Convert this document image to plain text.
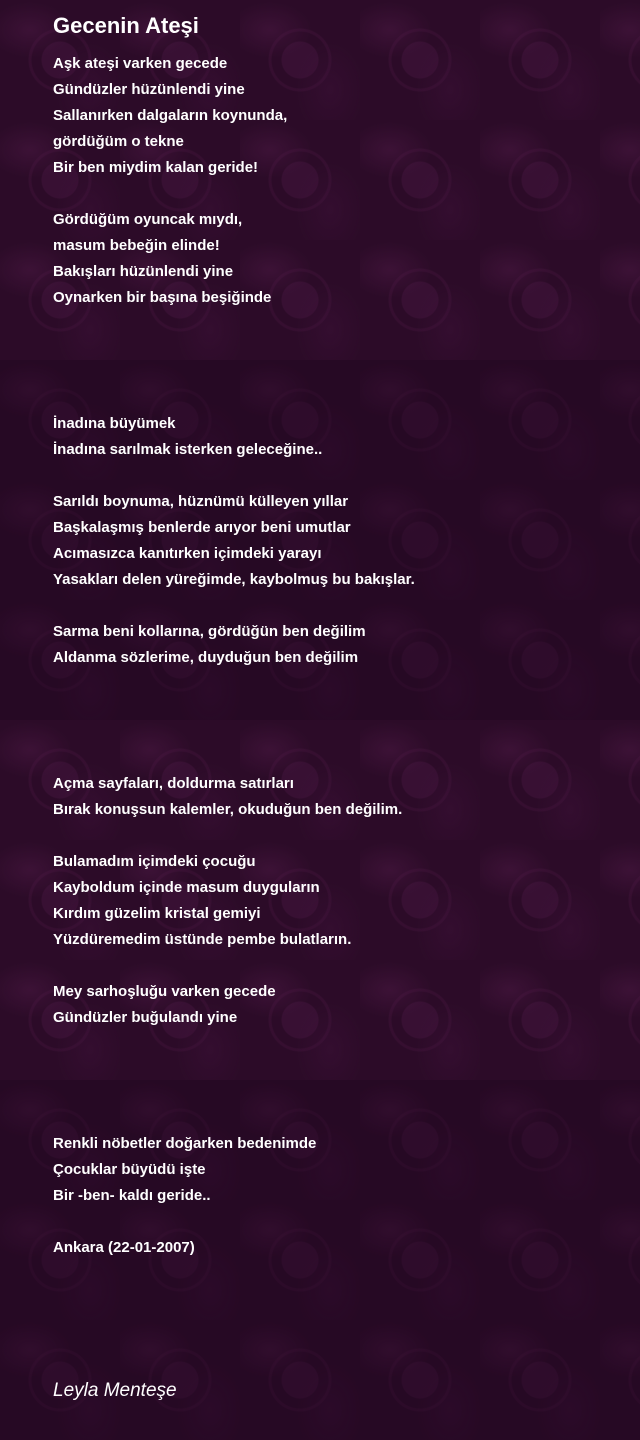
Gecenin Ateşi
Aşk ateşi varken gecede
Gündüzler hüzünlendi yine
Sallanırken dalgaların koynunda,
gördüğüm o tekne
Bir ben miydim kalan geride!
Gördüğüm oyuncak mıydı,
masum bebeğin elinde!
Bakışları hüzünlendi yine
Oynarken bir başına beşiğinde
İnadına büyümek
İnadına sarılmak isterken geleceğine..
Sarıldı boynuma, hüznümü külleyen yıllar
Başkalaşmış benlerde arıyor beni umutlar
Acımasızca kanıtırken içimdeki yarayı
Yasakları delen yüreğimde, kaybolmuş bu bakışlar.
Sarma beni kollarına, gördüğün ben değilim
Aldanma sözlerime, duyduğun ben değilim
Açma sayfaları, doldurma satırları
Bırak konuşsun kalemler, okuduğun ben değilim.
Bulamadım içimdeki çocuğu
Kayboldum içinde masum duyguların
Kırdım güzelim kristal gemiyi
Yüzdüremedim üstünde pembe bulatların.
Mey sarhoşluğu varken gecede
Gündüzler buğulandı yine
Renkli nöbetler doğarken bedenimde
Çocuklar büyüdü işte
Bir -ben- kaldı geride..
Ankara (22-01-2007)

Leyla Menteşe
